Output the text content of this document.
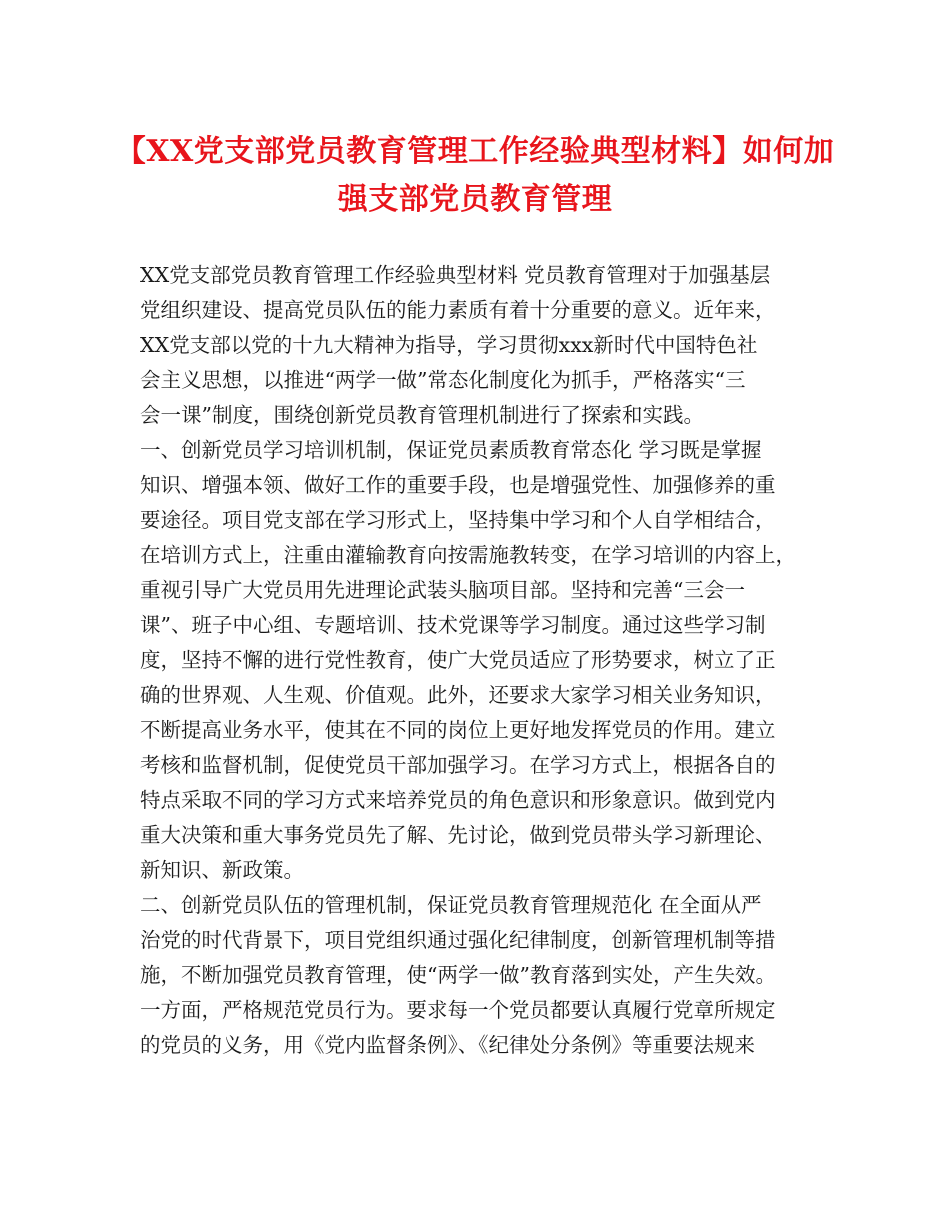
【XX党支部党员教育管理工作经验典型材料】如何加
强支部党员教育管理
XX党支部党员教育管理工作经验典型材料 党员教育管理对于加强基层
党组织建设、提高党员队伍的能力素质有着十分重要的意义。近年来，
XX党支部以党的十九大精神为指导，学习贯彻xxx新时代中国特色社
会主义思想，以推进“两学一做”常态化制度化为抓手，严格落实“三
会一课”制度，围绕创新党员教育管理机制进行了探索和实践。
一、创新党员学习培训机制，保证党员素质教育常态化 学习既是掌握
知识、增强本领、做好工作的重要手段，也是增强党性、加强修养的重
要途径。项目党支部在学习形式上，坚持集中学习和个人自学相结合，
在培训方式上，注重由灌输教育向按需施教转变，在学习培训的内容上，
重视引导广大党员用先进理论武装头脑项目部。坚持和完善“三会一
课”、班子中心组、专题培训、技术党课等学习制度。通过这些学习制
度，坚持不懈的进行党性教育，使广大党员适应了形势要求，树立了正
确的世界观、人生观、价值观。此外，还要求大家学习相关业务知识，
不断提高业务水平，使其在不同的岗位上更好地发挥党员的作用。建立
考核和监督机制，促使党员干部加强学习。在学习方式上，根据各自的
特点采取不同的学习方式来培养党员的角色意识和形象意识。做到党内
重大决策和重大事务党员先了解、先讨论，做到党员带头学习新理论、
新知识、新政策。
二、创新党员队伍的管理机制，保证党员教育管理规范化 在全面从严
治党的时代背景下，项目党组织通过强化纪律制度，创新管理机制等措
施，不断加强党员教育管理，使“两学一做”教育落到实处，产生失效。
一方面，严格规范党员行为。要求每一个党员都要认真履行党章所规定
的党员的义务，用《党内监督条例》、《纪律处分条例》等重要法规来
